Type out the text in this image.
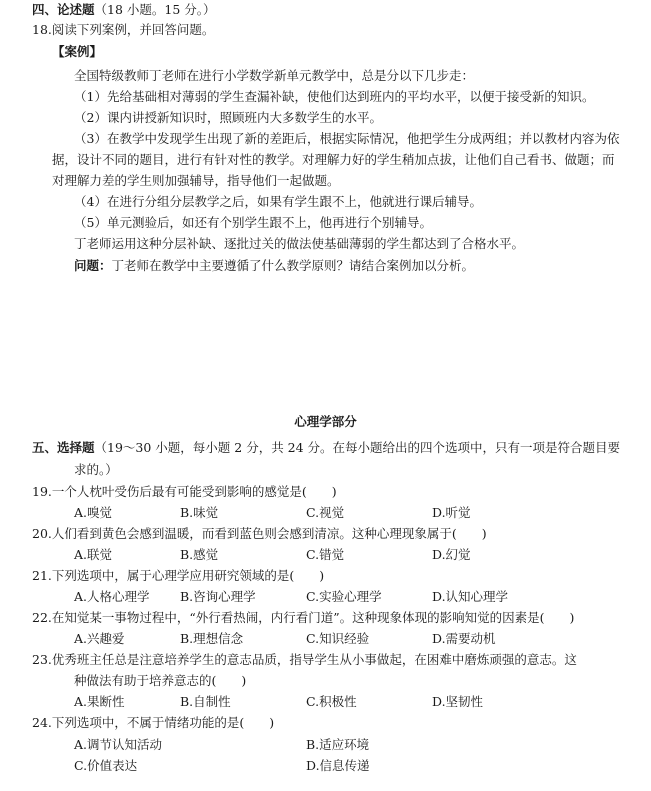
四、论述题（18 小题。15 分。）
18.阅读下列案例，并回答问题。
【案例】
全国特级教师丁老师在进行小学数学新单元教学中，总是分以下几步走：
（1）先给基础相对薄弱的学生查漏补缺，使他们达到班内的平均水平，以便于接受新的知识。
（2）课内讲授新知识时，照顾班内大多数学生的水平。
（3）在教学中发现学生出现了新的差距后，根据实际情况，他把学生分成两组；并以教材内容为依
据，设计不同的题目，进行有针对性的教学。对理解力好的学生稍加点拔，让他们自己看书、做题；而
对理解力差的学生则加强辅导，指导他们一起做题。
（4）在进行分组分层教学之后，如果有学生跟不上，他就进行课后辅导。
（5）单元测验后，如还有个别学生跟不上，他再进行个别辅导。
丁老师运用这种分层补缺、逐批过关的做法使基础薄弱的学生都达到了合格水平。
问题：丁老师在教学中主要遵循了什么教学原则？请结合案例加以分析。
心理学部分
五、选择题（19～30 小题，每小题 2 分，共 24 分。在每小题给出的四个选项中，只有一项是符合题目要
求的。）
19.一个人枕叶受伤后最有可能受到影响的感觉是(　　)
A.嗅觉	B.味觉	C.视觉	D.听觉
20.人们看到黄色会感到温暖，而看到蓝色则会感到清凉。这种心理现象属于(　　)
A.联觉	B.感觉	C.错觉	D.幻觉
21.下列选项中，属于心理学应用研究领域的是(　　)
A.人格心理学 B.咨询心理学	C.实验心理学	D.认知心理学
22.在知觉某一事物过程中，“外行看热闹，内行看门道”。这种现象体现的影响知觉的因素是(　　)
A.兴趣爱	B.理想信念	C.知识经验	D.需要动机
23.优秀班主任总是注意培养学生的意志品质，指导学生从小事做起，在困难中磨炼顽强的意志。这
种做法有助于培养意志的(　　)
A.果断性	B.自制性	C.积极性	D.坚韧性
24.下列选项中，不属于情绪功能的是(　　)
A.调节认知活动	B.适应环境
C.价值表达	D.信息传递
